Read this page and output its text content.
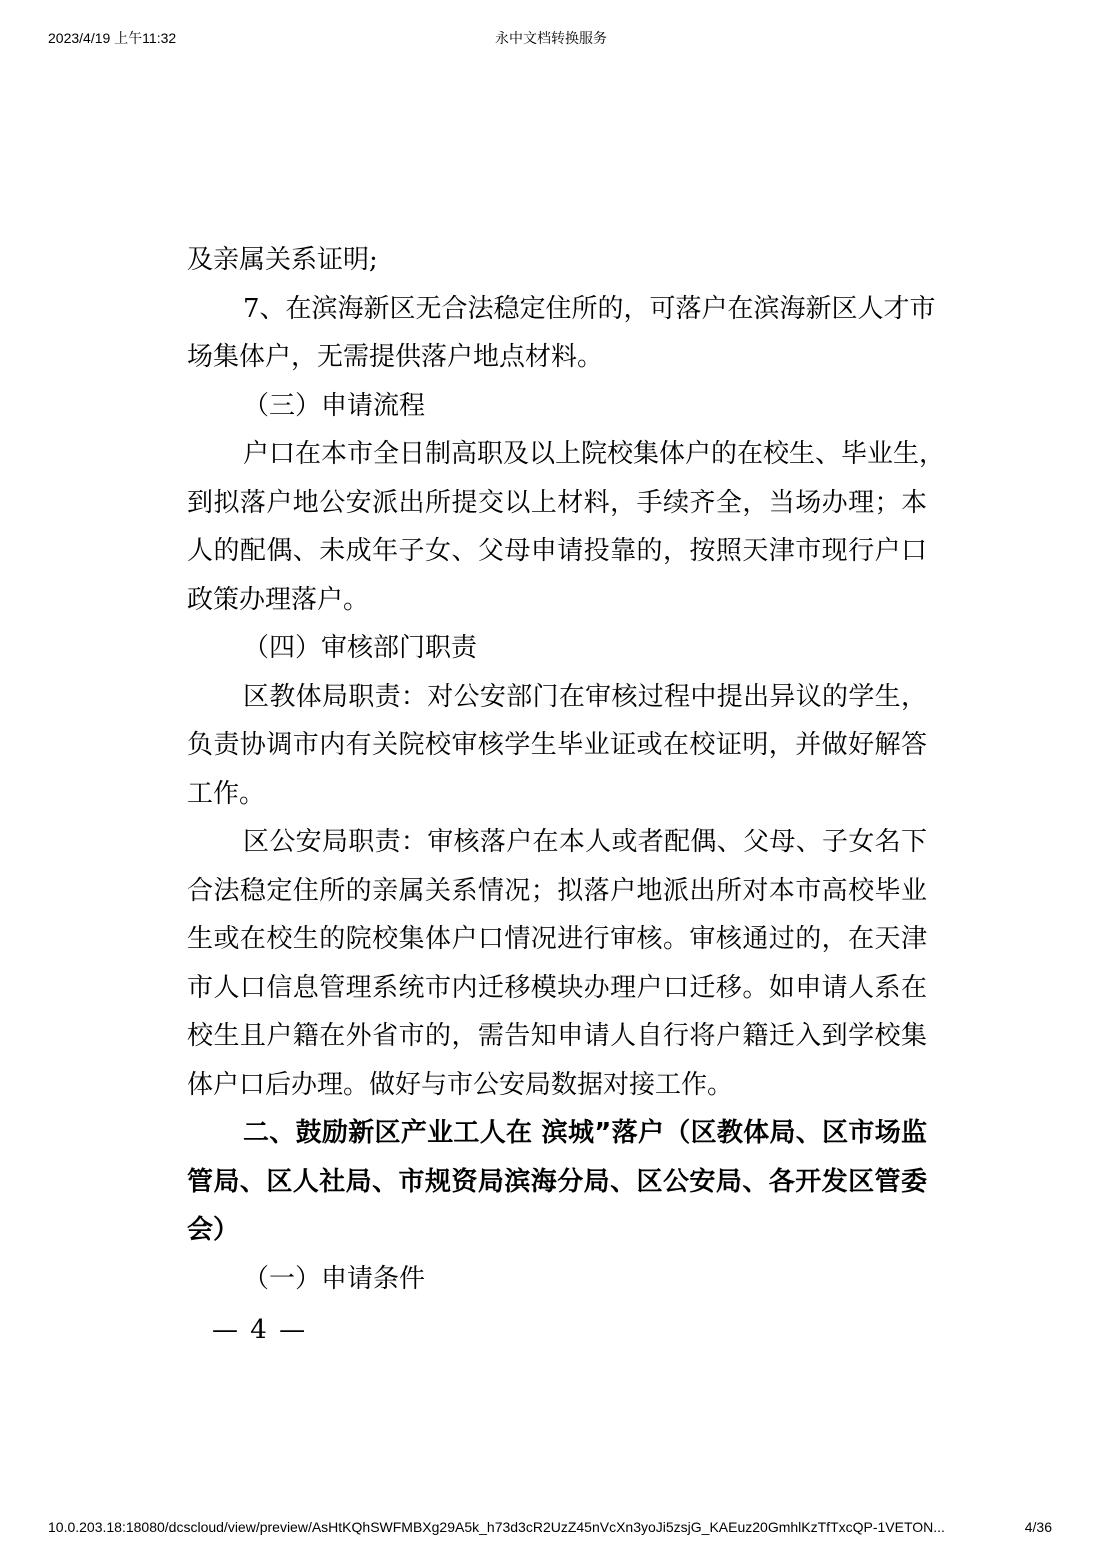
2023/4/19 上午11:32	永中文档转换服务
及亲属关系证明;
7、在滨海新区无合法稳定住所的，可落户在滨海新区人才市
场集体户，无需提供落户地点材料。
（三）申请流程
户口在本市全日制高职及以上院校集体户的在校生、毕业生，
到拟落户地公安派出所提交以上材料，手续齐全，当场办理；本
人的配偶、未成年子女、父母申请投靠的，按照天津市现行户口
政策办理落户。
（四）审核部门职责
区教体局职责：对公安部门在审核过程中提出异议的学生，
负责协调市内有关院校审核学生毕业证或在校证明，并做好解答
工作。
区公安局职责：审核落户在本人或者配偶、父母、子女名下
合法稳定住所的亲属关系情况；拟落户地派出所对本市高校毕业
生或在校生的院校集体户口情况进行审核。审核通过的，在天津
市人口信息管理系统市内迁移模块办理户口迁移。如申请人系在
校生且户籍在外省市的，需告知申请人自行将户籍迁入到学校集
体户口后办理。做好与市公安局数据对接工作。
二、鼓励新区产业工人在 滨城”落户（区教体局、区市场监
管局、区人社局、市规资局滨海分局、区公安局、各开发区管委
会）
（一）申请条件
— 4 —
10.0.203.18:18080/dcscloud/view/preview/AsHtKQhSWFMBXg29A5k_h73d3cR2UzZ45nVcXn3yoJi5zsjG_KAEuz20GmhlKzTfTxcQP-1VETON...	4/36
